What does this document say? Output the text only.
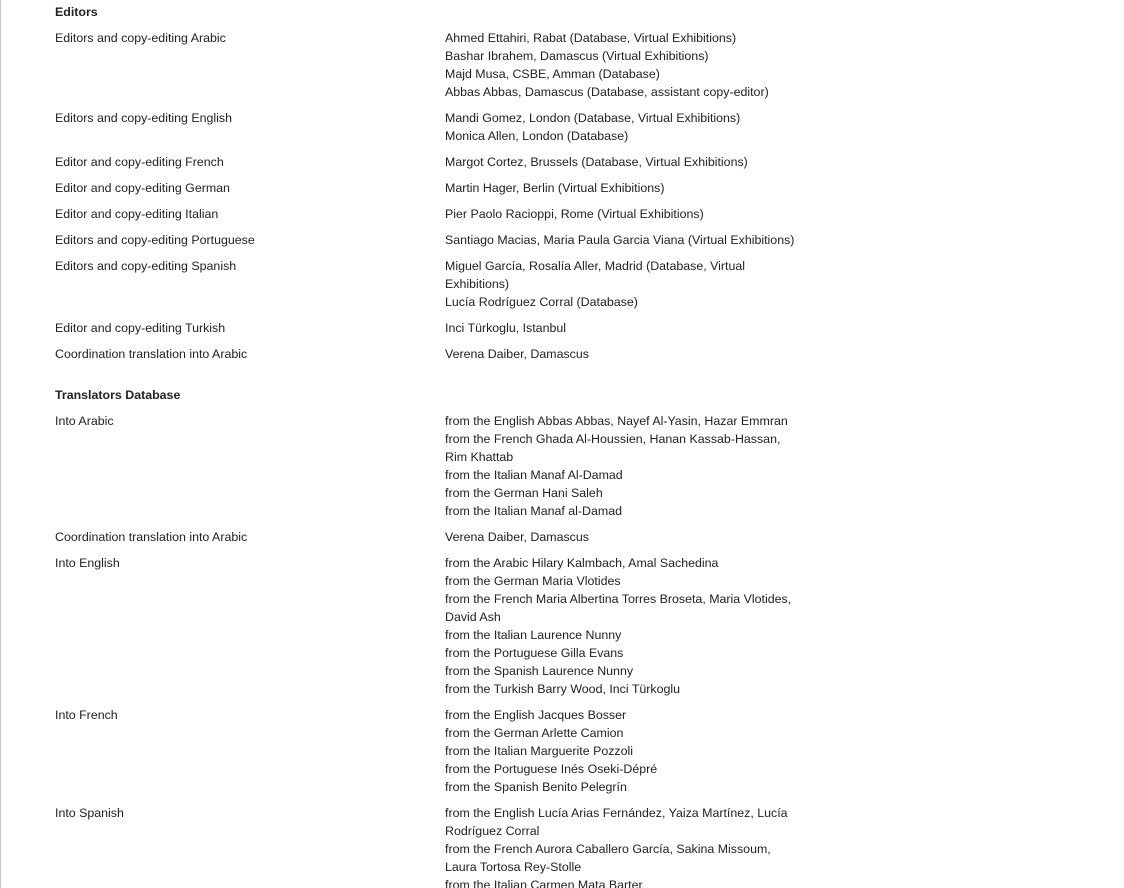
Editors
Editors and copy-editing Arabic	Ahmed Ettahiri, Rabat (Database, Virtual Exhibitions)
Bashar Ibrahem, Damascus (Virtual Exhibitions)
Majd Musa, CSBE, Amman (Database)
Abbas Abbas, Damascus (Database, assistant copy-editor)
Editors and copy-editing English	Mandi Gomez, London (Database, Virtual Exhibitions)
Monica Allen, London (Database)
Editor and copy-editing French	Margot Cortez, Brussels (Database, Virtual Exhibitions)
Editor and copy-editing German	Martin Hager, Berlin (Virtual Exhibitions)
Editor and copy-editing Italian	Pier Paolo Racioppi, Rome (Virtual Exhibitions)
Editors and copy-editing Portuguese	Santiago Macias, Maria Paula Garcia Viana (Virtual Exhibitions)
Editors and copy-editing Spanish	Miguel García, Rosalía Aller, Madrid (Database, Virtual
Exhibitions)
Lucía Rodríguez Corral (Database)
Editor and copy-editing Turkish	Inci Türkoglu, Istanbul
Coordination translation into Arabic	Verena Daiber, Damascus
Translators Database
Into Arabic	from the English Abbas Abbas, Nayef Al-Yasin, Hazar Emmran
from the French Ghada Al-Houssien, Hanan Kassab-Hassan,
Rim Khattab
from the Italian Manaf Al-Damad
from the German Hani Saleh
from the Italian Manaf al-Damad
Coordination translation into Arabic	Verena Daiber, Damascus
Into English	from the Arabic Hilary Kalmbach, Amal Sachedina
from the German Maria Vlotides
from the French Maria Albertina Torres Broseta, Maria Vlotides,
David Ash
from the Italian Laurence Nunny
from the Portuguese Gilla Evans
from the Spanish Laurence Nunny
from the Turkish Barry Wood, Inci Türkoglu
Into French	from the English Jacques Bosser
from the German Arlette Camion
from the Italian Marguerite Pozzoli
from the Portuguese Inés Oseki-Dépré
from the Spanish Benito Pelegrín
Into Spanish	from the English Lucía Arias Fernández, Yaiza Martínez, Lucía
Rodríguez Corral
from the French Aurora Caballero García, Sakina Missoum,
Laura Tortosa Rey-Stolle
from the Italian Carmen Mata Barter
